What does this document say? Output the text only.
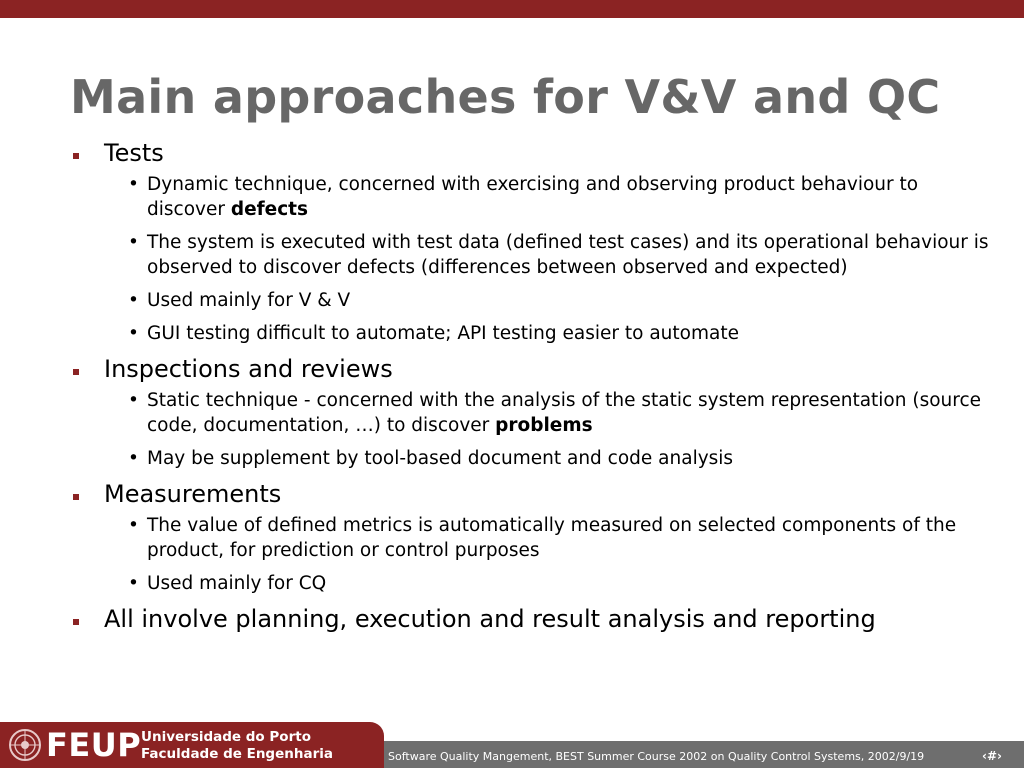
Main approaches for V&V and QC
Tests
• Dynamic technique, concerned with exercising and observing product behaviour to discover defects
• The system is executed with test data (defined test cases) and its operational behaviour is observed to discover defects (differences between observed and expected)
• Used mainly for V & V
• GUI testing difficult to automate; API testing easier to automate
Inspections and reviews
• Static technique - concerned with the analysis of the static system representation (source code, documentation, …) to discover problems
• May be supplement by tool-based document and code analysis
Measurements
• The value of defined metrics is automatically measured on selected components of the product, for prediction or control purposes
• Used mainly for CQ
All involve planning, execution and result analysis and reporting
FEUP Universidade do Porto
Faculdade de Engenharia	Software Quality Mangement, BEST Summer Course 2002 on Quality Control Systems, 2002/9/19	‹#›
